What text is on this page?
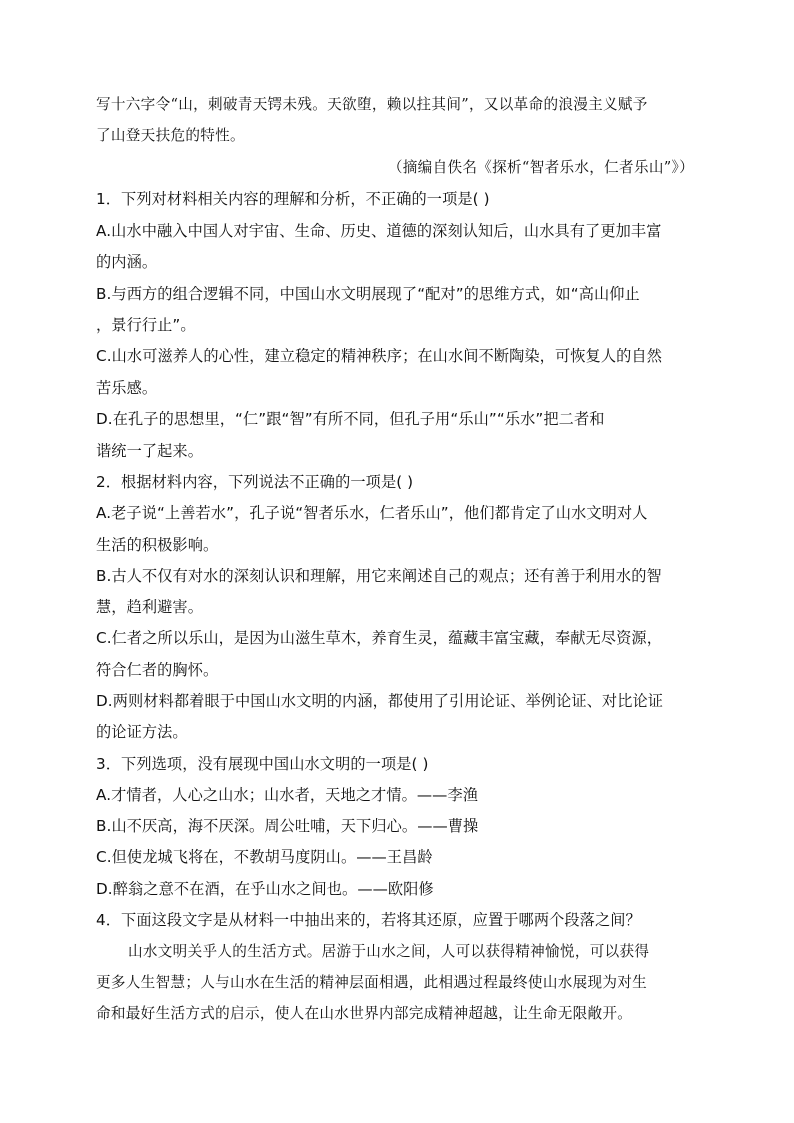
写十六字令“山，刺破青天锷未残。天欲堕，赖以拄其间”，又以革命的浪漫主义赋予
了山登天扶危的特性。
（摘编自佚名《探析“智者乐水，仁者乐山”》）
1．下列对材料相关内容的理解和分析，不正确的一项是( )
A.山水中融入中国人对宇宙、生命、历史、道德的深刻认知后，山水具有了更加丰富
的内涵。
B.与西方的组合逻辑不同，中国山水文明展现了“配对”的思维方式，如“高山仰止
，景行行止”。
C.山水可滋养人的心性，建立稳定的精神秩序；在山水间不断陶染，可恢复人的自然
苦乐感。
D.在孔子的思想里，“仁”跟“智”有所不同，但孔子用“乐山”“乐水”把二者和
谐统一了起来。
2．根据材料内容，下列说法不正确的一项是( )
A.老子说“上善若水”，孔子说“智者乐水，仁者乐山”，他们都肯定了山水文明对人
生活的积极影响。
B.古人不仅有对水的深刻认识和理解，用它来阐述自己的观点；还有善于利用水的智
慧，趋利避害。
C.仁者之所以乐山，是因为山滋生草木，养育生灵，蕴藏丰富宝藏，奉献无尽资源，
符合仁者的胸怀。
D.两则材料都着眼于中国山水文明的内涵，都使用了引用论证、举例论证、对比论证
的论证方法。
3．下列选项，没有展现中国山水文明的一项是( )
A.才情者，人心之山水；山水者，天地之才情。——李渔
B.山不厌高，海不厌深。周公吐哺，天下归心。——曹操
C.但使龙城飞将在，不教胡马度阴山。——王昌龄
D.醉翁之意不在酒，在乎山水之间也。——欧阳修
4．下面这段文字是从材料一中抽出来的，若将其还原，应置于哪两个段落之间？
山水文明关乎人的生活方式。居游于山水之间，人可以获得精神愉悦，可以获得
更多人生智慧；人与山水在生活的精神层面相遇，此相遇过程最终使山水展现为对生
命和最好生活方式的启示，使人在山水世界内部完成精神超越，让生命无限敞开。
